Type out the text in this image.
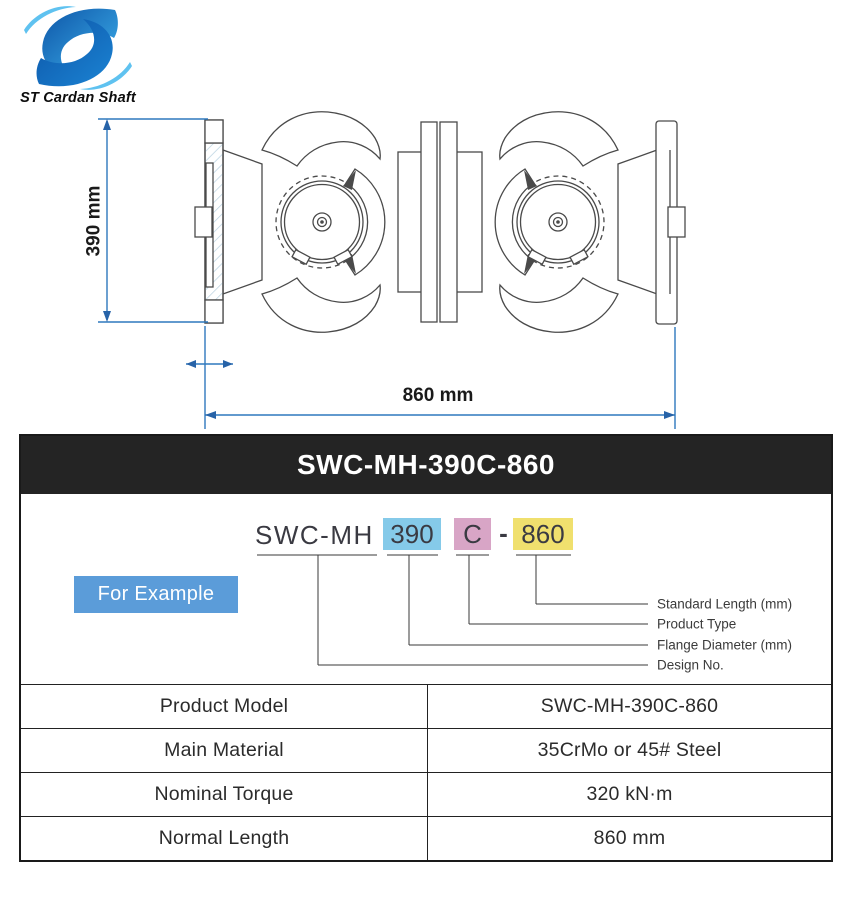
ST Cardan Shaft
390 mm
860 mm
SWC-MH-390C-860
For Example
SWC-MH 390	C - 860
Standard Length (mm)
Product Type
Flange Diameter (mm)
Design No.
Product Model	SWC-MH-390C-860
Main Material	35CrMo or 45# Steel
Nominal Torque	320 kN·m
Normal Length	860 mm
